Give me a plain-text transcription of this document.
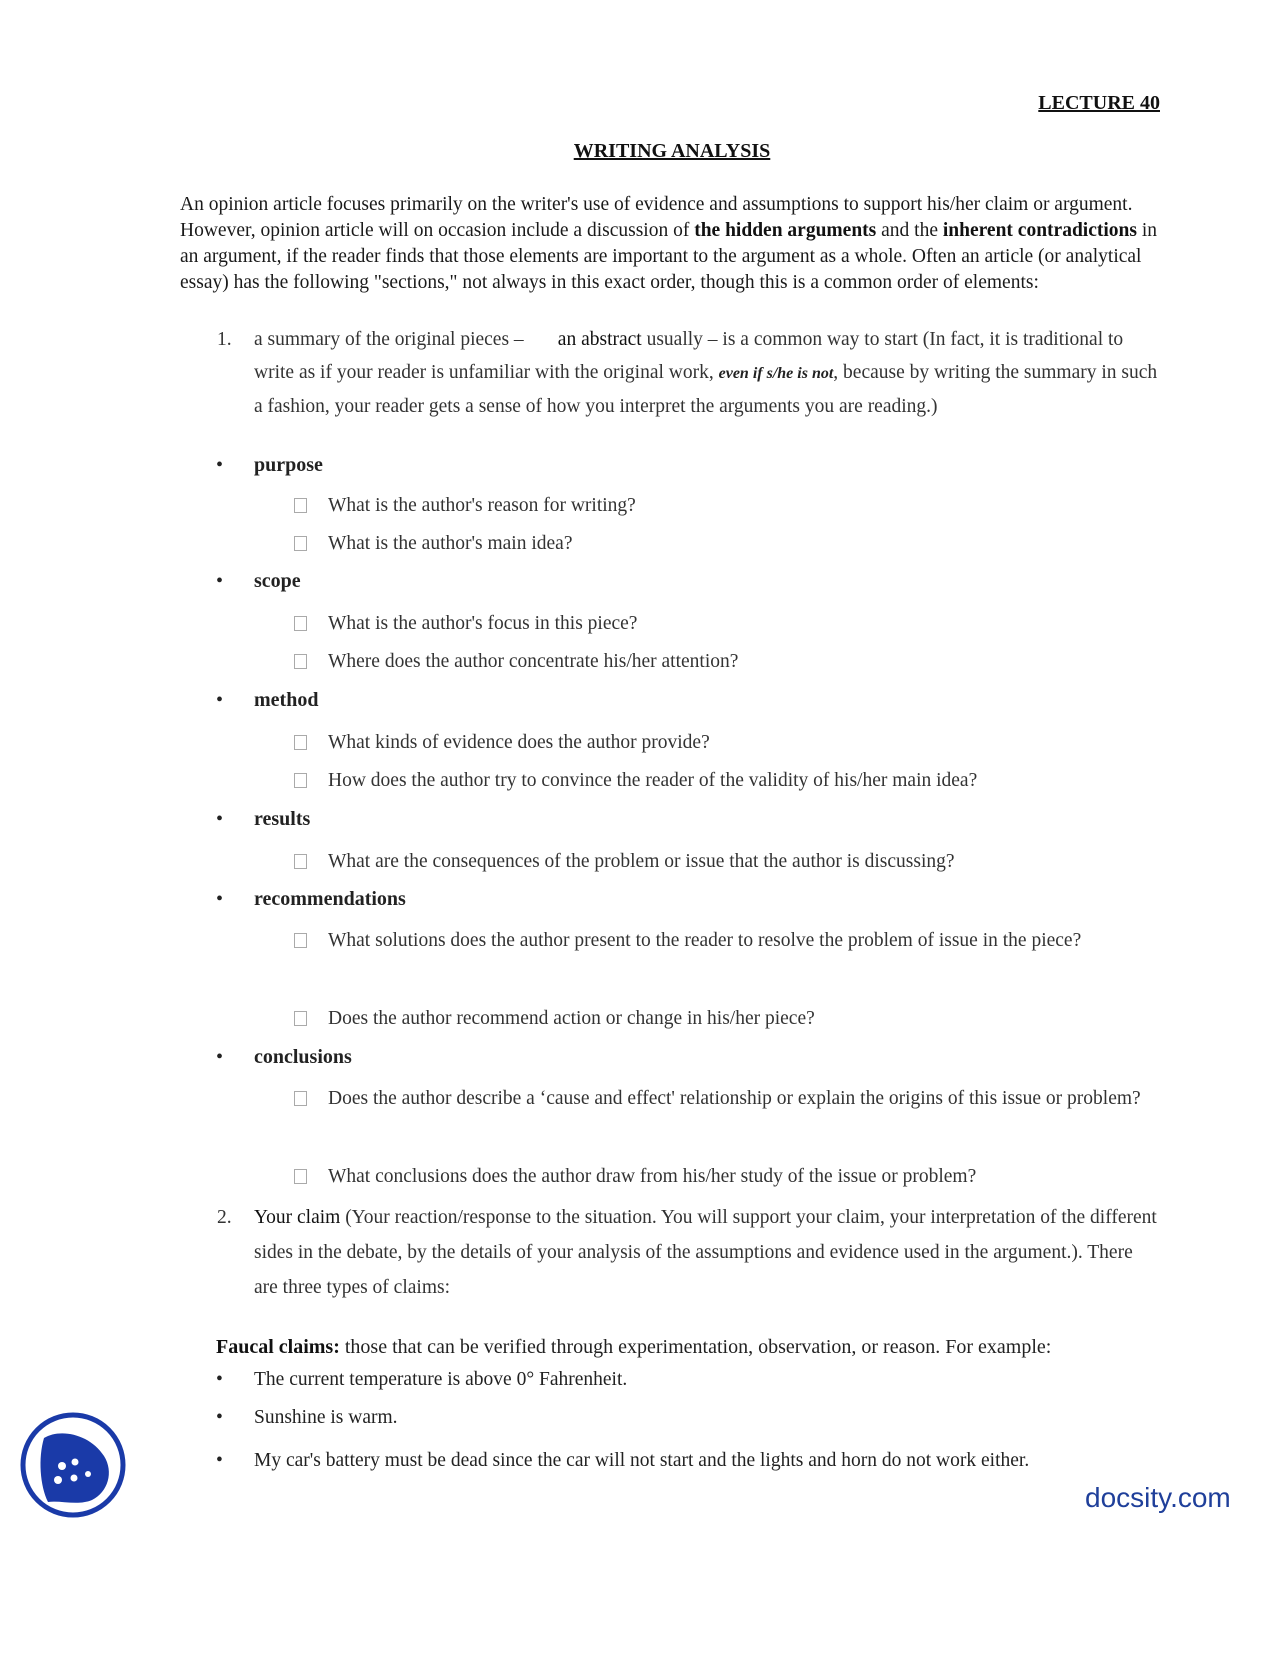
LECTURE 40
WRITING ANALYSIS
An opinion article focuses primarily on the writer's use of evidence and assumptions to support his/her claim or argument. However, opinion article will on occasion include a discussion of the hidden arguments and the inherent contradictions in an argument, if the reader finds that those elements are important to the argument as a whole. Often an article (or analytical essay) has the following "sections," not always in this exact order, though this is a common order of elements:
1. a summary of the original pieces – an abstract usually – is a common way to start (In fact, it is traditional to write as if your reader is unfamiliar with the original work, even if s/he is not, because by writing the summary in such a fashion, your reader gets a sense of how you interpret the arguments you are reading.)
• purpose
What is the author's reason for writing?
What is the author's main idea?
• scope
What is the author's focus in this piece?
Where does the author concentrate his/her attention?
• method
What kinds of evidence does the author provide?
How does the author try to convince the reader of the validity of his/her main idea?
• results
What are the consequences of the problem or issue that the author is discussing?
• recommendations
What solutions does the author present to the reader to resolve the problem of issue in the piece?
Does the author recommend action or change in his/her piece?
• conclusions
Does the author describe a ‘cause and effect' relationship or explain the origins of this issue or problem?
What conclusions does the author draw from his/her study of the issue or problem?
2. Your claim (Your reaction/response to the situation. You will support your claim, your interpretation of the different sides in the debate, by the details of your analysis of the assumptions and evidence used in the argument.). There are three types of claims:
Faucal claims: those that can be verified through experimentation, observation, or reason. For example:
• The current temperature is above 0° Fahrenheit.
• Sunshine is warm.
• My car's battery must be dead since the car will not start and the lights and horn do not work either.
docsity.com
